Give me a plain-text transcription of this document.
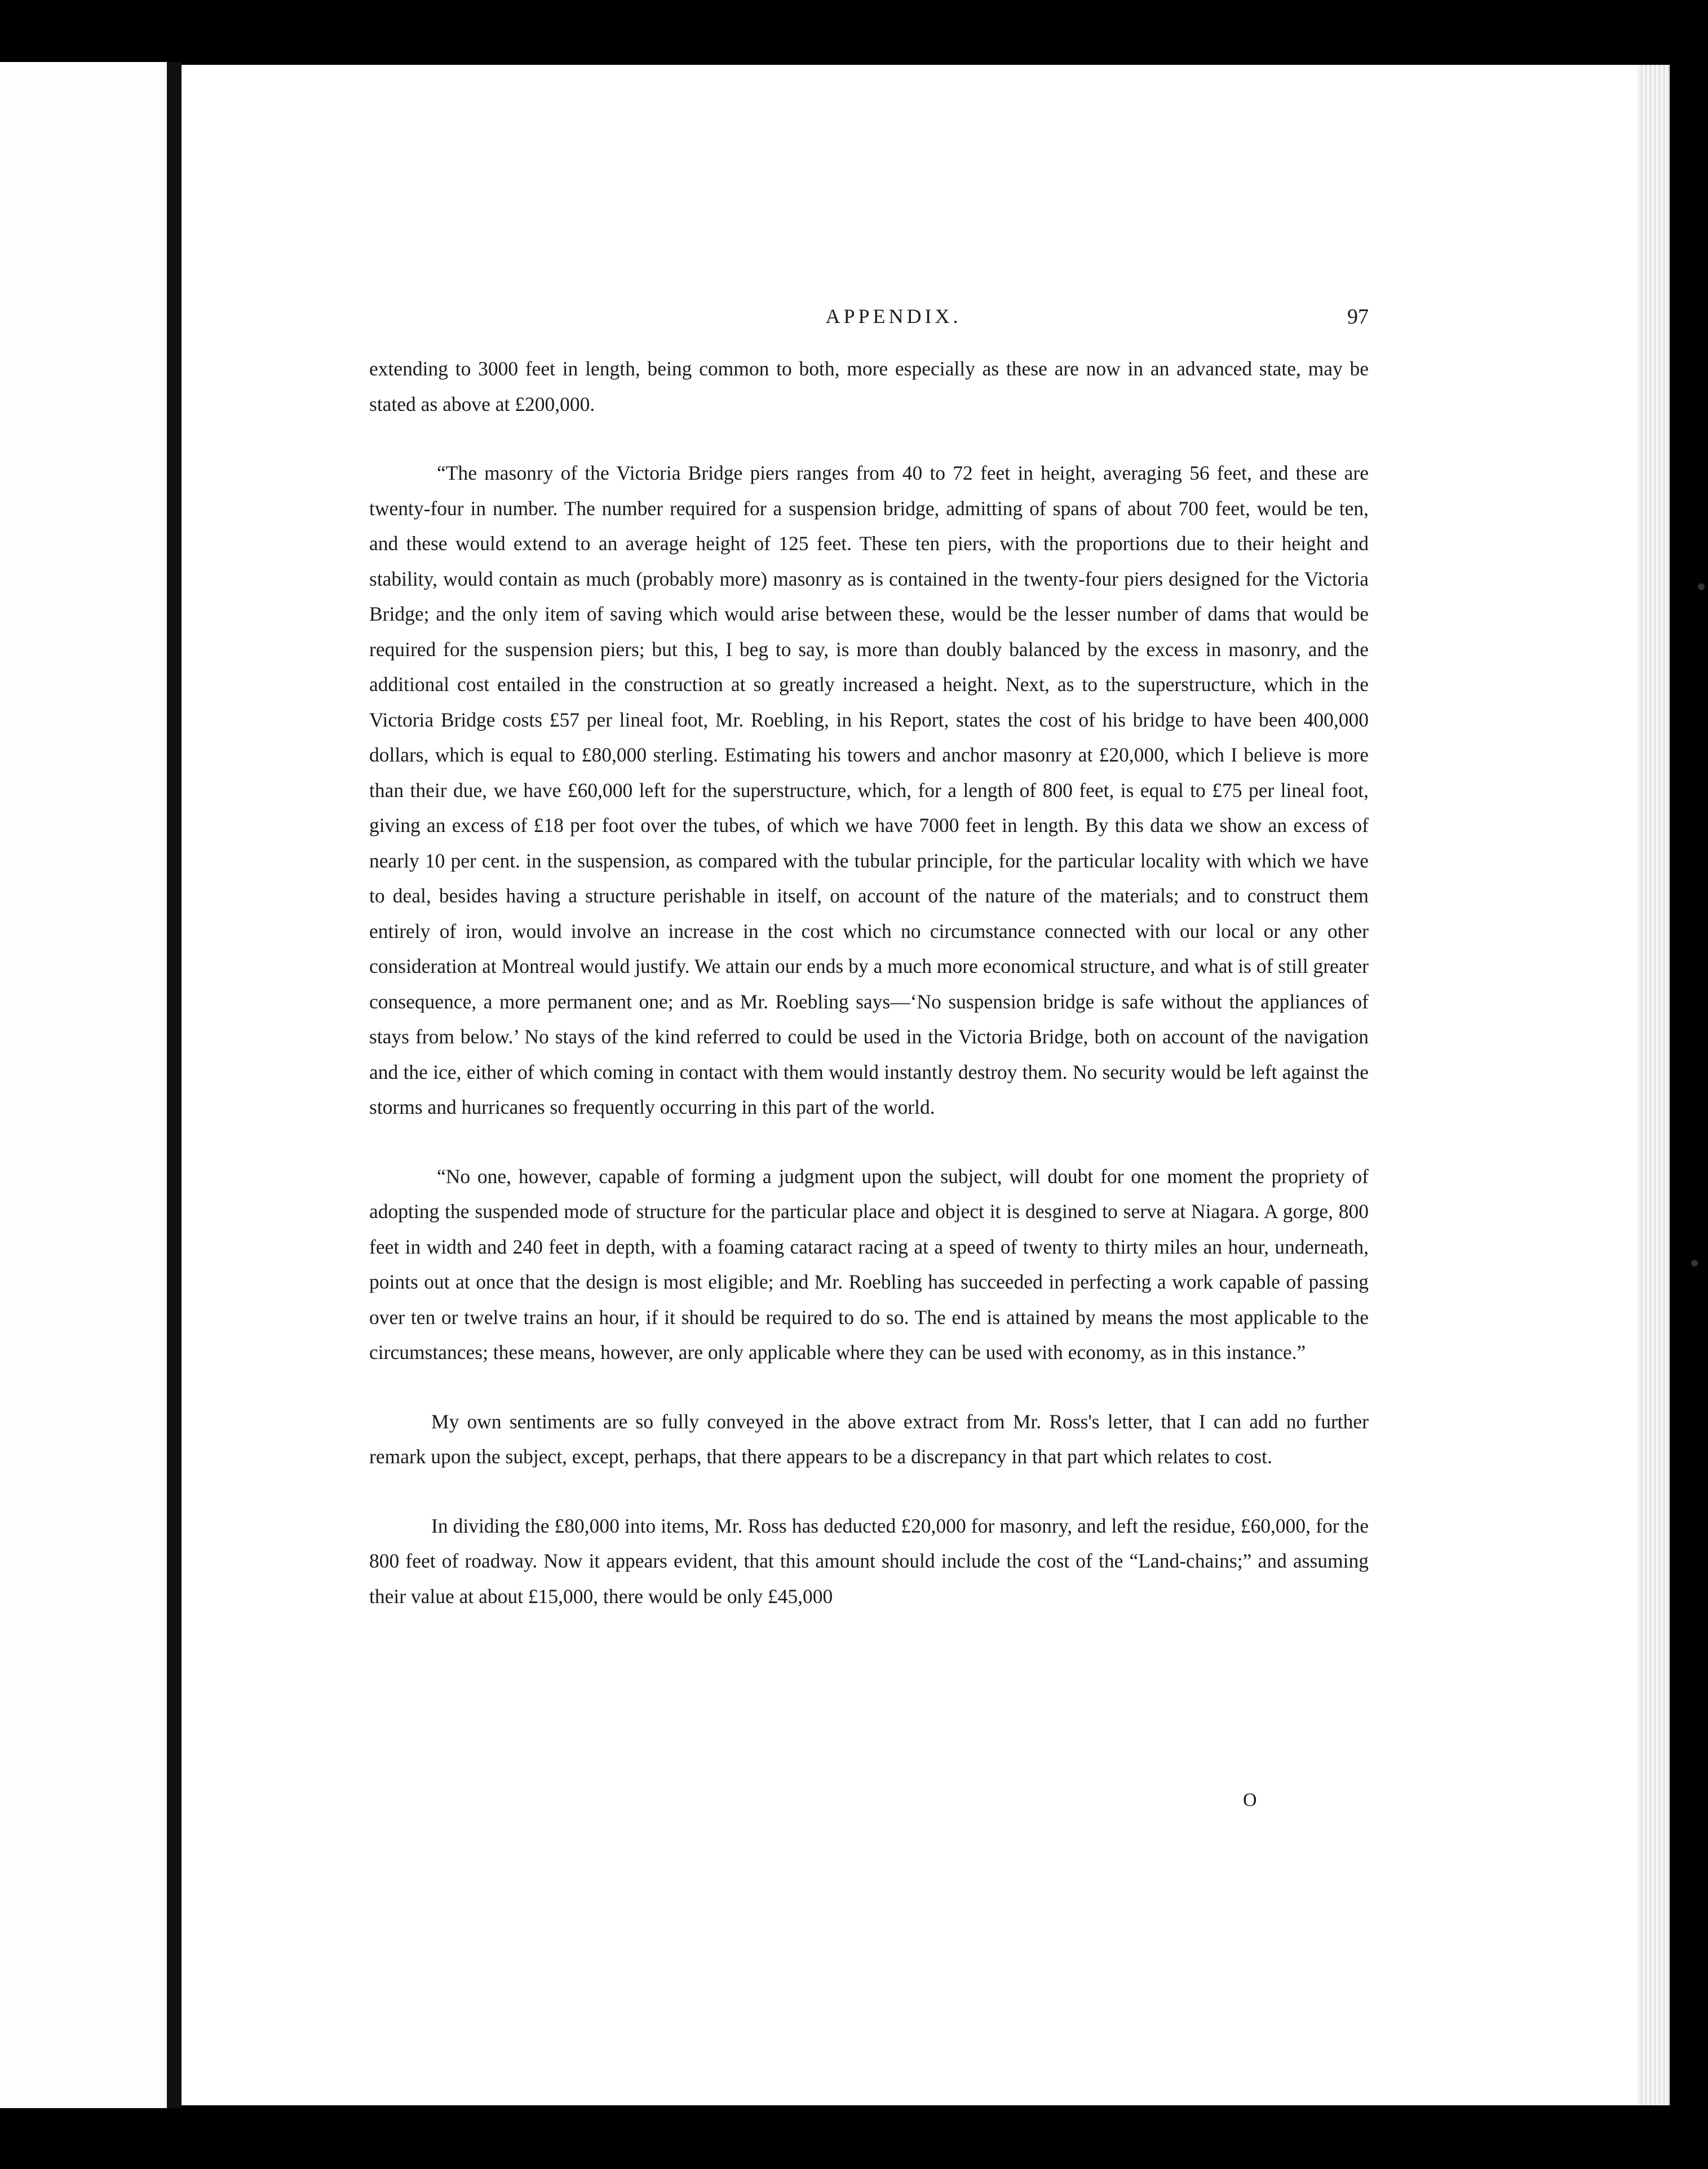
APPENDIX.	97

extending to 3000 feet in length, being common to both, more especially as these are now in an advanced state, may be stated as above at £200,000.

“The masonry of the Victoria Bridge piers ranges from 40 to 72 feet in height, averaging 56 feet, and these are twenty-four in number. The number required for a suspension bridge, admitting of spans of about 700 feet, would be ten, and these would extend to an average height of 125 feet. These ten piers, with the proportions due to their height and stability, would contain as much (probably more) masonry as is contained in the twenty-four piers designed for the Victoria Bridge; and the only item of saving which would arise between these, would be the lesser number of dams that would be required for the suspension piers; but this, I beg to say, is more than doubly balanced by the excess in masonry, and the additional cost entailed in the construction at so greatly increased a height. Next, as to the superstructure, which in the Victoria Bridge costs £57 per lineal foot, Mr. Roebling, in his Report, states the cost of his bridge to have been 400,000 dollars, which is equal to £80,000 sterling. Estimating his towers and anchor masonry at £20,000, which I believe is more than their due, we have £60,000 left for the superstructure, which, for a length of 800 feet, is equal to £75 per lineal foot, giving an excess of £18 per foot over the tubes, of which we have 7000 feet in length. By this data we show an excess of nearly 10 per cent. in the suspension, as compared with the tubular principle, for the particular locality with which we have to deal, besides having a structure perishable in itself, on account of the nature of the materials; and to construct them entirely of iron, would involve an increase in the cost which no circumstance connected with our local or any other consideration at Montreal would justify. We attain our ends by a much more economical structure, and what is of still greater consequence, a more permanent one; and as Mr. Roebling says—‘No suspension bridge is safe without the appliances of stays from below.’ No stays of the kind referred to could be used in the Victoria Bridge, both on account of the navigation and the ice, either of which coming in contact with them would instantly destroy them. No security would be left against the storms and hurricanes so frequently occurring in this part of the world.

“No one, however, capable of forming a judgment upon the subject, will doubt for one moment the propriety of adopting the suspended mode of structure for the particular place and object it is desgined to serve at Niagara. A gorge, 800 feet in width and 240 feet in depth, with a foaming cataract racing at a speed of twenty to thirty miles an hour, underneath, points out at once that the design is most eligible; and Mr. Roebling has succeeded in perfecting a work capable of passing over ten or twelve trains an hour, if it should be required to do so. The end is attained by means the most applicable to the circumstances; these means, however, are only applicable where they can be used with economy, as in this instance.”

My own sentiments are so fully conveyed in the above extract from Mr. Ross's letter, that I can add no further remark upon the subject, except, perhaps, that there appears to be a discrepancy in that part which relates to cost.

In dividing the £80,000 into items, Mr. Ross has deducted £20,000 for masonry, and left the residue, £60,000, for the 800 feet of roadway. Now it appears evident, that this amount should include the cost of the “Land-chains;” and assuming their value at about £15,000, there would be only £45,000

O
